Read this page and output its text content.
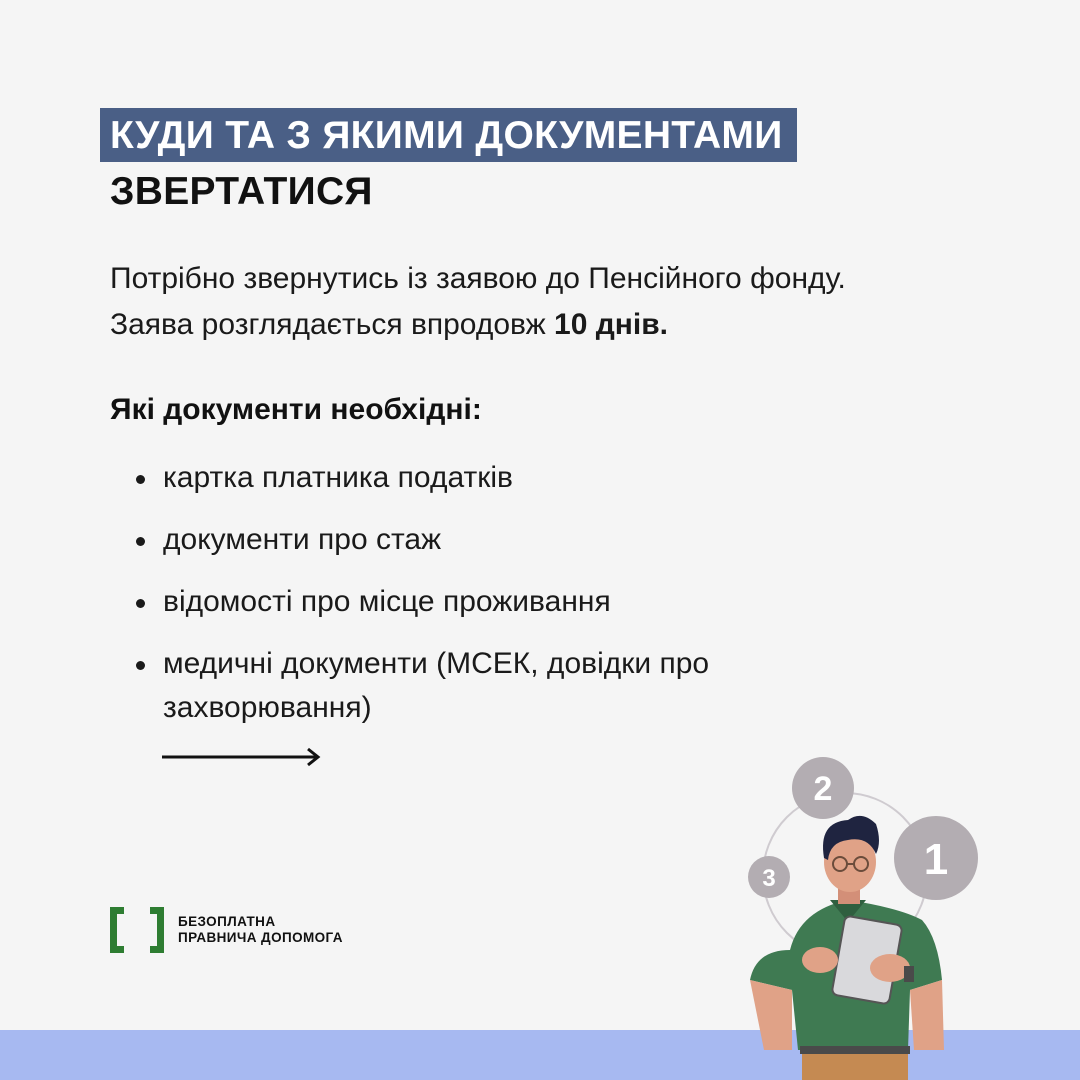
КУДИ ТА З ЯКИМИ ДОКУМЕНТАМИ
ЗВЕРТАТИСЯ
Потрібно звернутись із заявою до Пенсійного фонду.
Заява розглядається впродовж 10 днів.
Які документи необхідні:
картка платника податків
документи про стаж
відомості про місце проживання
медичні документи (МСЕК, довідки про захворювання)
БЕЗОПЛАТНА
ПРАВНИЧА ДОПОМОГА
2
1
3
